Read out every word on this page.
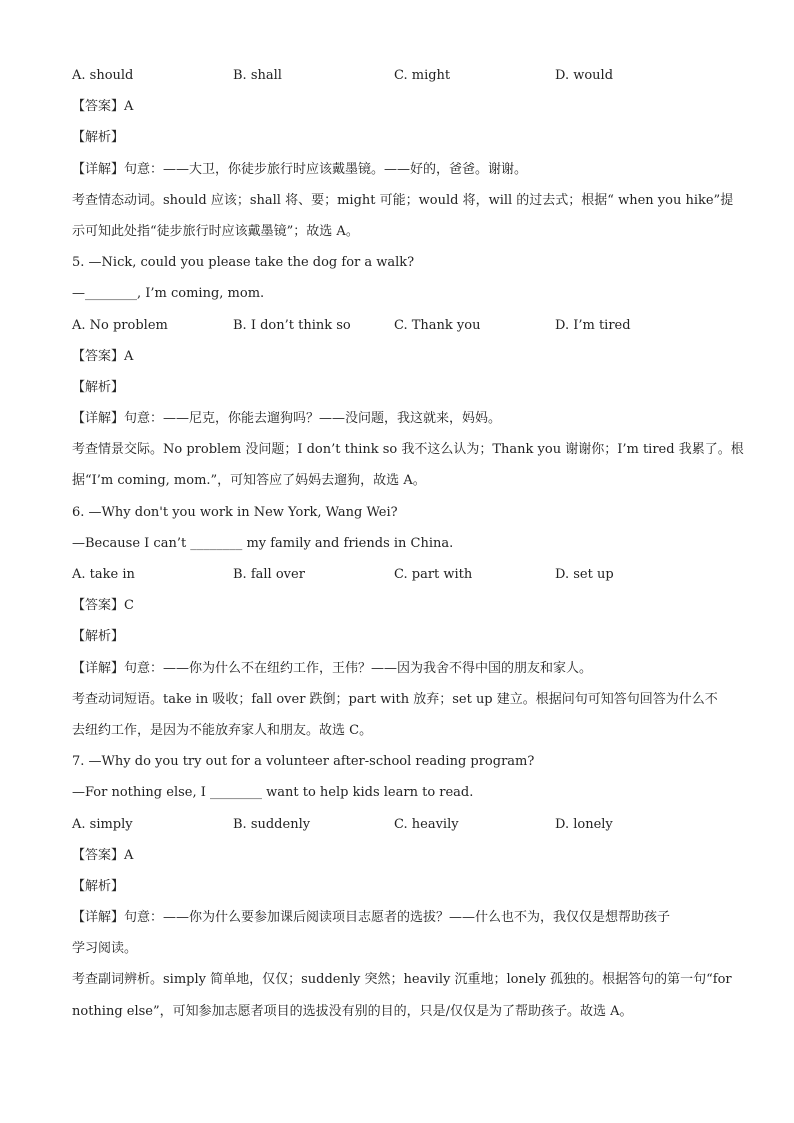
A. should	B. shall	C. might	D. would
【答案】A
【解析】
【详解】句意：——大卫，你徒步旅行时应该戴墨镜。——好的，爸爸。谢谢。
考查情态动词。should 应该；shall 将、要；might 可能；would 将，will 的过去式；根据“ when you hike”提
示可知此处指“徒步旅行时应该戴墨镜”；故选 A。
5. —Nick, could you please take the dog for a walk?
—________, I’m coming, mom.
A. No problem	B. I don’t think so	C. Thank you	D. I’m tired
【答案】A
【解析】
【详解】句意：——尼克，你能去遛狗吗？——没问题，我这就来，妈妈。
考查情景交际。No problem 没问题；I don’t think so 我不这么认为；Thank you 谢谢你；I’m tired 我累了。根
据“I’m coming, mom.”，可知答应了妈妈去遛狗，故选 A。
6. —Why don't you work in New York, Wang Wei?
—Because I can’t ________ my family and friends in China.
A. take in	B. fall over	C. part with	D. set up
【答案】C
【解析】
【详解】句意：——你为什么不在纽约工作，王伟？——因为我舍不得中国的朋友和家人。
考查动词短语。take in 吸收；fall over 跌倒；part with 放弃；set up 建立。根据问句可知答句回答为什么不
去纽约工作，是因为不能放弃家人和朋友。故选 C。
7. —Why do you try out for a volunteer after-school reading program?
—For nothing else, I ________ want to help kids learn to read.
A. simply	B. suddenly	C. heavily	D. lonely
【答案】A
【解析】
【详解】句意：——你为什么要参加课后阅读项目志愿者的选拔？——什么也不为，我仅仅是想帮助孩子
学习阅读。
考查副词辨析。simply 简单地，仅仅；suddenly 突然；heavily 沉重地；lonely 孤独的。根据答句的第一句“for
nothing else”，可知参加志愿者项目的选拔没有别的目的，只是/仅仅是为了帮助孩子。故选 A。
